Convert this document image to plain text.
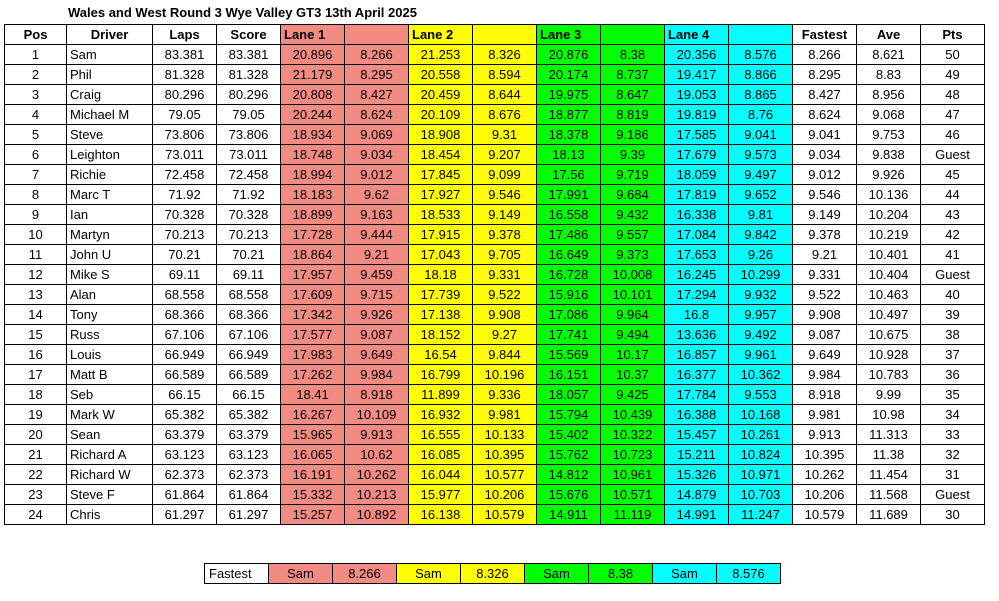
Wales and West Round 3 Wye Valley GT3 13th April 2025
Pos	Driver	Laps	Score	Lane 1		Lane 2		Lane 3		Lane 4		Fastest	Ave	Pts
1	Sam	83.381	83.381	20.896	8.266	21.253	8.326	20.876	8.38	20.356	8.576	8.266	8.621	50
2	Phil	81.328	81.328	21.179	8.295	20.558	8.594	20.174	8.737	19.417	8.866	8.295	8.83	49
3	Craig	80.296	80.296	20.808	8.427	20.459	8.644	19.975	8.647	19.053	8.865	8.427	8.956	48
4	Michael M	79.05	79.05	20.244	8.624	20.109	8.676	18.877	8.819	19.819	8.76	8.624	9.068	47
5	Steve	73.806	73.806	18.934	9.069	18.908	9.31	18.378	9.186	17.585	9.041	9.041	9.753	46
6	Leighton	73.011	73.011	18.748	9.034	18.454	9.207	18.13	9.39	17.679	9.573	9.034	9.838	Guest
7	Richie	72.458	72.458	18.994	9.012	17.845	9.099	17.56	9.719	18.059	9.497	9.012	9.926	45
8	Marc T	71.92	71.92	18.183	9.62	17.927	9.546	17.991	9.684	17.819	9.652	9.546	10.136	44
9	Ian	70.328	70.328	18.899	9.163	18.533	9.149	16.558	9.432	16.338	9.81	9.149	10.204	43
10	Martyn	70.213	70.213	17.728	9.444	17.915	9.378	17.486	9.557	17.084	9.842	9.378	10.219	42
11	John U	70.21	70.21	18.864	9.21	17.043	9.705	16.649	9.373	17.653	9.26	9.21	10.401	41
12	Mike S	69.11	69.11	17.957	9.459	18.18	9.331	16.728	10.008	16.245	10.299	9.331	10.404	Guest
13	Alan	68.558	68.558	17.609	9.715	17.739	9.522	15.916	10.101	17.294	9.932	9.522	10.463	40
14	Tony	68.366	68.366	17.342	9.926	17.138	9.908	17.086	9.964	16.8	9.957	9.908	10.497	39
15	Russ	67.106	67.106	17.577	9.087	18.152	9.27	17.741	9.494	13.636	9.492	9.087	10.675	38
16	Louis	66.949	66.949	17.983	9.649	16.54	9.844	15.569	10.17	16.857	9.961	9.649	10.928	37
17	Matt B	66.589	66.589	17.262	9.984	16.799	10.196	16.151	10.37	16.377	10.362	9.984	10.783	36
18	Seb	66.15	66.15	18.41	8.918	11.899	9.336	18.057	9.425	17.784	9.553	8.918	9.99	35
19	Mark W	65.382	65.382	16.267	10.109	16.932	9.981	15.794	10.439	16.388	10.168	9.981	10.98	34
20	Sean	63.379	63.379	15.965	9.913	16.555	10.133	15.402	10.322	15.457	10.261	9.913	11.313	33
21	Richard A	63.123	63.123	16.065	10.62	16.085	10.395	15.762	10.723	15.211	10.824	10.395	11.38	32
22	Richard W	62.373	62.373	16.191	10.262	16.044	10.577	14.812	10.961	15.326	10.971	10.262	11.454	31
23	Steve F	61.864	61.864	15.332	10.213	15.977	10.206	15.676	10.571	14.879	10.703	10.206	11.568	Guest
24	Chris	61.297	61.297	15.257	10.892	16.138	10.579	14.911	11.119	14.991	11.247	10.579	11.689	30
Fastest	Sam	8.266	Sam	8.326	Sam	8.38	Sam	8.576
